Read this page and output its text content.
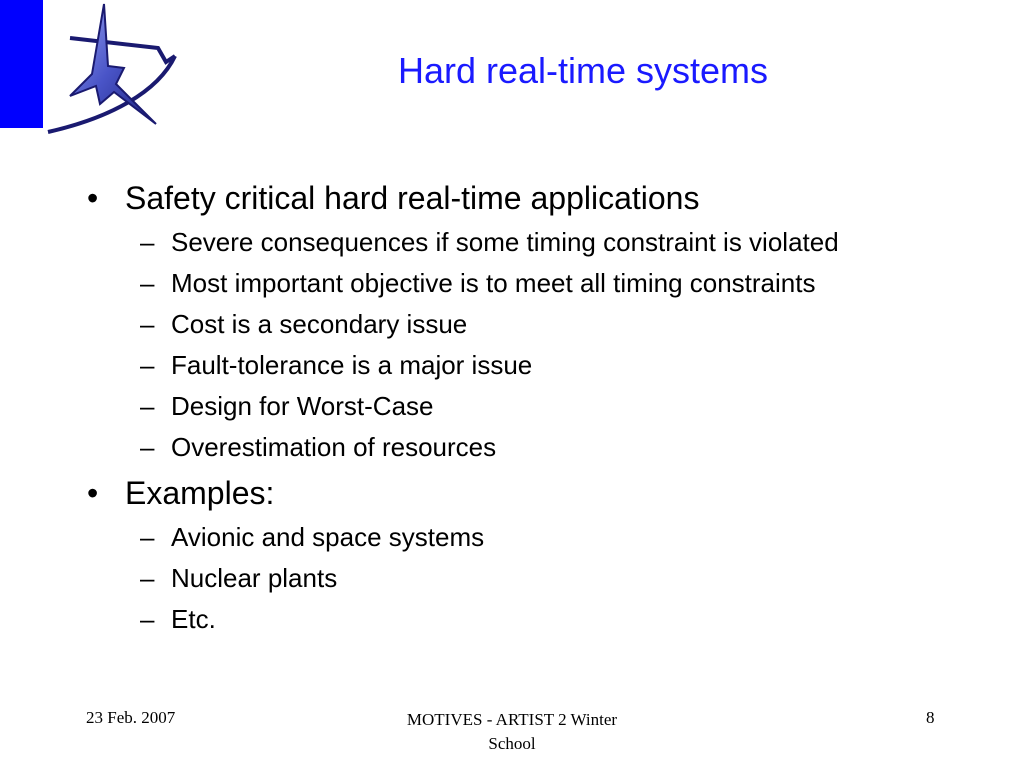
Hard real-time systems
• Safety critical hard real-time applications
– Severe consequences if some timing constraint is violated
– Most important objective is to meet all timing constraints
– Cost is a secondary issue
– Fault-tolerance is a major issue
– Design for Worst-Case
– Overestimation of resources
• Examples:
– Avionic and space systems
– Nuclear plants
– Etc.
23 Feb. 2007	MOTIVES - ARTIST 2 Winter
School
8
